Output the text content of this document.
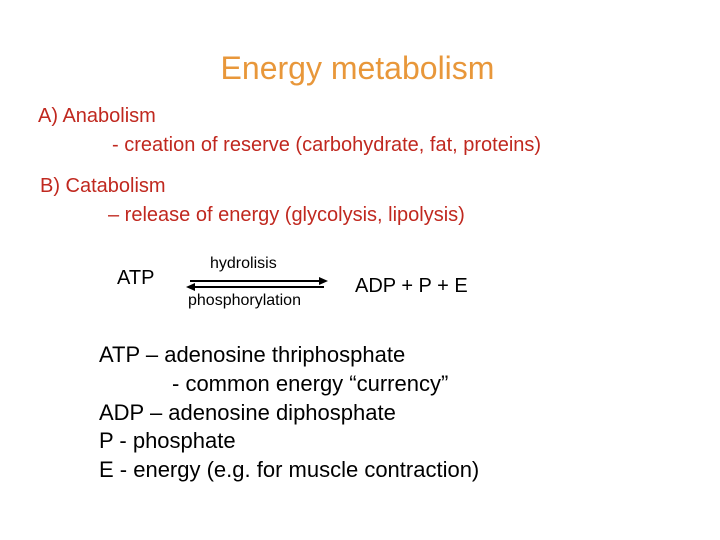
Energy metabolism
A) Anabolism
- creation of reserve (carbohydrate, fat, proteins)
B) Catabolism
– release of energy (glycolysis, lipolysis)
ATP
hydrolisis
phosphorylation
ADP + P + E
ATP – adenosine thriphosphate
- common energy “currency”
ADP – adenosine diphosphate
P - phosphate
E - energy (e.g. for muscle contraction)
